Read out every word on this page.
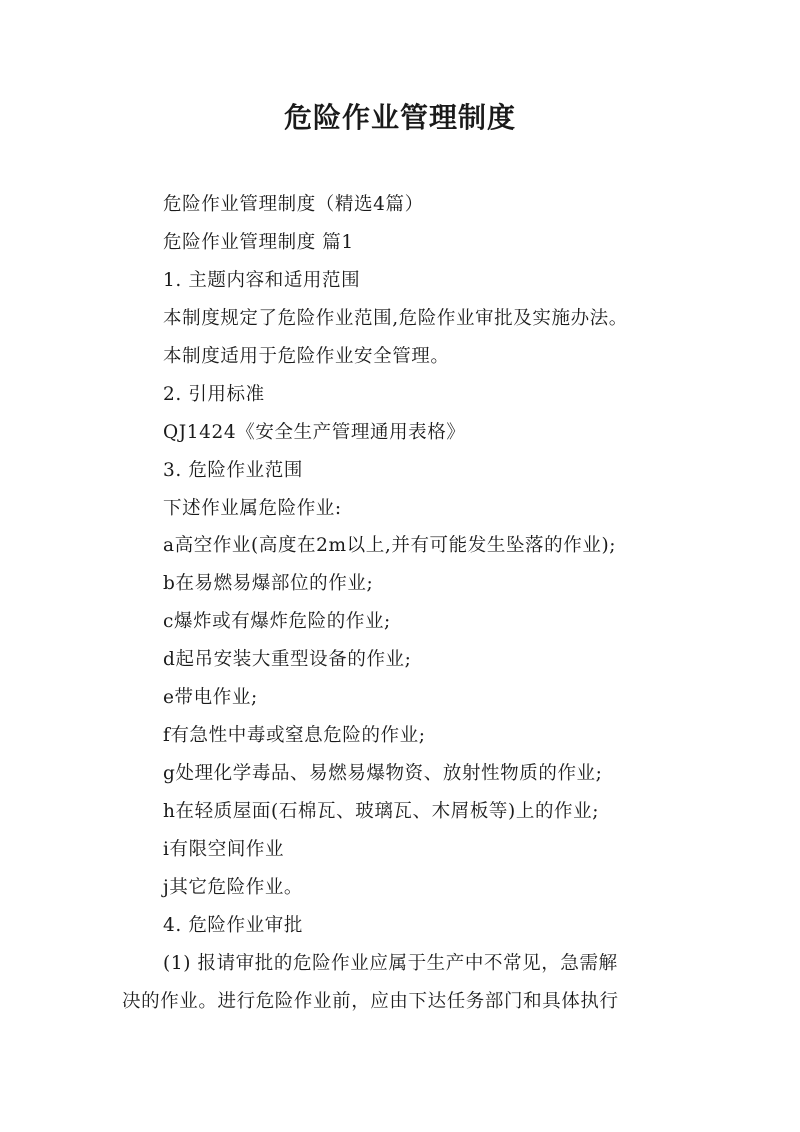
危险作业管理制度
危险作业管理制度（精选4篇）
危险作业管理制度 篇1
1. 主题内容和适用范围
本制度规定了危险作业范围,危险作业审批及实施办法。
本制度适用于危险作业安全管理。
2. 引用标准
QJ1424《安全生产管理通用表格》
3. 危险作业范围
下述作业属危险作业:
a高空作业(高度在2m以上,并有可能发生坠落的作业);
b在易燃易爆部位的作业;
c爆炸或有爆炸危险的作业;
d起吊安装大重型设备的作业;
e带电作业;
f有急性中毒或窒息危险的作业;
g处理化学毒品、易燃易爆物资、放射性物质的作业;
h在轻质屋面(石棉瓦、玻璃瓦、木屑板等)上的作业;
i有限空间作业
j其它危险作业。
4. 危险作业审批
(1) 报请审批的危险作业应属于生产中不常见，急需解
决的作业。进行危险作业前，应由下达任务部门和具体执行
